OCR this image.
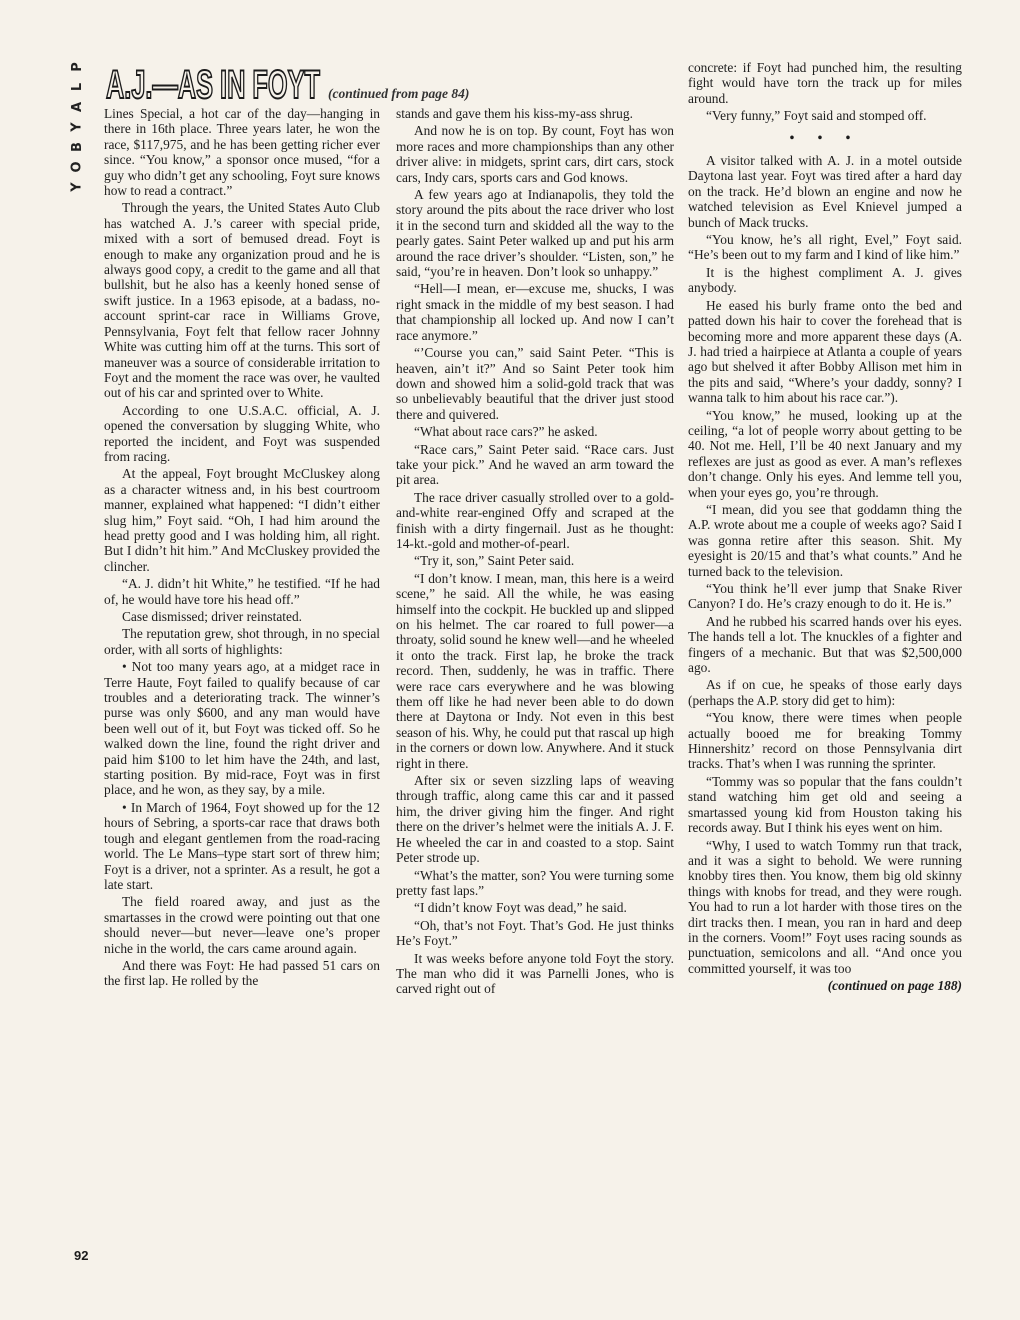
P
L
A
Y
B
O
Y
A.J.—AS IN FOYT (continued from page 84)

Lines Special, a hot car of the day—hanging in there in 16th place. Three years later, he won the race, $117,975, and he has been getting richer ever since. “You know,” a sponsor once mused, “for a guy who didn’t get any schooling, Foyt sure knows how to read a contract.”

Through the years, the United States Auto Club has watched A. J.’s career with special pride, mixed with a sort of bemused dread. Foyt is enough to make any organization proud and he is always good copy, a credit to the game and all that bullshit, but he also has a keenly honed sense of swift justice. In a 1963 episode, at a badass, no-account sprint-car race in Williams Grove, Pennsylvania, Foyt felt that fellow racer Johnny White was cutting him off at the turns. This sort of maneuver was a source of considerable irritation to Foyt and the moment the race was over, he vaulted out of his car and sprinted over to White.

According to one U.S.A.C. official, A. J. opened the conversation by slugging White, who reported the incident, and Foyt was suspended from racing.

At the appeal, Foyt brought McCluskey along as a character witness and, in his best courtroom manner, explained what happened: “I didn’t either slug him,” Foyt said. “Oh, I had him around the head pretty good and I was holding him, all right. But I didn’t hit him.” And McCluskey provided the clincher.

“A. J. didn’t hit White,” he testified. “If he had of, he would have tore his head off.”

Case dismissed; driver reinstated.

The reputation grew, shot through, in no special order, with all sorts of highlights:

• Not too many years ago, at a midget race in Terre Haute, Foyt failed to qualify because of car troubles and a deteriorating track. The winner’s purse was only $600, and any man would have been well out of it, but Foyt was ticked off. So he walked down the line, found the right driver and paid him $100 to let him have the 24th, and last, starting position. By mid-race, Foyt was in first place, and he won, as they say, by a mile.

• In March of 1964, Foyt showed up for the 12 hours of Sebring, a sports-car race that draws both tough and elegant gentlemen from the road-racing world. The Le Mans–type start sort of threw him; Foyt is a driver, not a sprinter. As a result, he got a late start.

The field roared away, and just as the smartasses in the crowd were pointing out that one should never—but never—leave one’s proper niche in the world, the cars came around again.

And there was Foyt: He had passed 51 cars on the first lap. He rolled by the

stands and gave them his kiss-my-ass shrug.

And now he is on top. By count, Foyt has won more races and more championships than any other driver alive: in midgets, sprint cars, dirt cars, stock cars, Indy cars, sports cars and God knows.

A few years ago at Indianapolis, they told the story around the pits about the race driver who lost it in the second turn and skidded all the way to the pearly gates. Saint Peter walked up and put his arm around the race driver’s shoulder. “Listen, son,” he said, “you’re in heaven. Don’t look so unhappy.”

“Hell—I mean, er—excuse me, shucks, I was right smack in the middle of my best season. I had that championship all locked up. And now I can’t race anymore.”

“’Course you can,” said Saint Peter. “This is heaven, ain’t it?” And so Saint Peter took him down and showed him a solid-gold track that was so unbelievably beautiful that the driver just stood there and quivered.

“What about race cars?” he asked.

“Race cars,” Saint Peter said. “Race cars. Just take your pick.” And he waved an arm toward the pit area.

The race driver casually strolled over to a gold-and-white rear-engined Offy and scraped at the finish with a dirty fingernail. Just as he thought: 14-kt.-gold and mother-of-pearl.

“Try it, son,” Saint Peter said.

“I don’t know. I mean, man, this here is a weird scene,” he said. All the while, he was easing himself into the cockpit. He buckled up and slipped on his helmet. The car roared to full power—a throaty, solid sound he knew well—and he wheeled it onto the track. First lap, he broke the track record. Then, suddenly, he was in traffic. There were race cars everywhere and he was blowing them off like he had never been able to do down there at Daytona or Indy. Not even in this best season of his. Why, he could put that rascal up high in the corners or down low. Anywhere. And it stuck right in there.

After six or seven sizzling laps of weaving through traffic, along came this car and it passed him, the driver giving him the finger. And right there on the driver’s helmet were the initials A. J. F. He wheeled the car in and coasted to a stop. Saint Peter strode up.

“What’s the matter, son? You were turning some pretty fast laps.”

“I didn’t know Foyt was dead,” he said.

“Oh, that’s not Foyt. That’s God. He just thinks He’s Foyt.”

It was weeks before anyone told Foyt the story. The man who did it was Parnelli Jones, who is carved right out of

concrete: if Foyt had punched him, the resulting fight would have torn the track up for miles around.

“Very funny,” Foyt said and stomped off.

• • •

A visitor talked with A. J. in a motel outside Daytona last year. Foyt was tired after a hard day on the track. He’d blown an engine and now he watched television as Evel Knievel jumped a bunch of Mack trucks.

“You know, he’s all right, Evel,” Foyt said. “He’s been out to my farm and I kind of like him.”

It is the highest compliment A. J. gives anybody.

He eased his burly frame onto the bed and patted down his hair to cover the forehead that is becoming more and more apparent these days (A. J. had tried a hairpiece at Atlanta a couple of years ago but shelved it after Bobby Allison met him in the pits and said, “Where’s your daddy, sonny? I wanna talk to him about his race car.”).

“You know,” he mused, looking up at the ceiling, “a lot of people worry about getting to be 40. Not me. Hell, I’ll be 40 next January and my reflexes are just as good as ever. A man’s reflexes don’t change. Only his eyes. And lemme tell you, when your eyes go, you’re through.

“I mean, did you see that goddamn thing the A.P. wrote about me a couple of weeks ago? Said I was gonna retire after this season. Shit. My eyesight is 20/15 and that’s what counts.” And he turned back to the television.

“You think he’ll ever jump that Snake River Canyon? I do. He’s crazy enough to do it. He is.”

And he rubbed his scarred hands over his eyes. The hands tell a lot. The knuckles of a fighter and fingers of a mechanic. But that was $2,500,000 ago.

As if on cue, he speaks of those early days (perhaps the A.P. story did get to him):

“You know, there were times when people actually booed me for breaking Tommy Hinnershitz’ record on those Pennsylvania dirt tracks. That’s when I was running the sprinter.

“Tommy was so popular that the fans couldn’t stand watching him get old and seeing a smartassed young kid from Houston taking his records away. But I think his eyes went on him.

“Why, I used to watch Tommy run that track, and it was a sight to behold. We were running knobby tires then. You know, them big old skinny things with knobs for tread, and they were rough. You had to run a lot harder with those tires on the dirt tracks then. I mean, you ran in hard and deep in the corners. Voom!” Foyt uses racing sounds as punctuation, semicolons and all. “And once you committed yourself, it was too

(continued on page 188)

92
